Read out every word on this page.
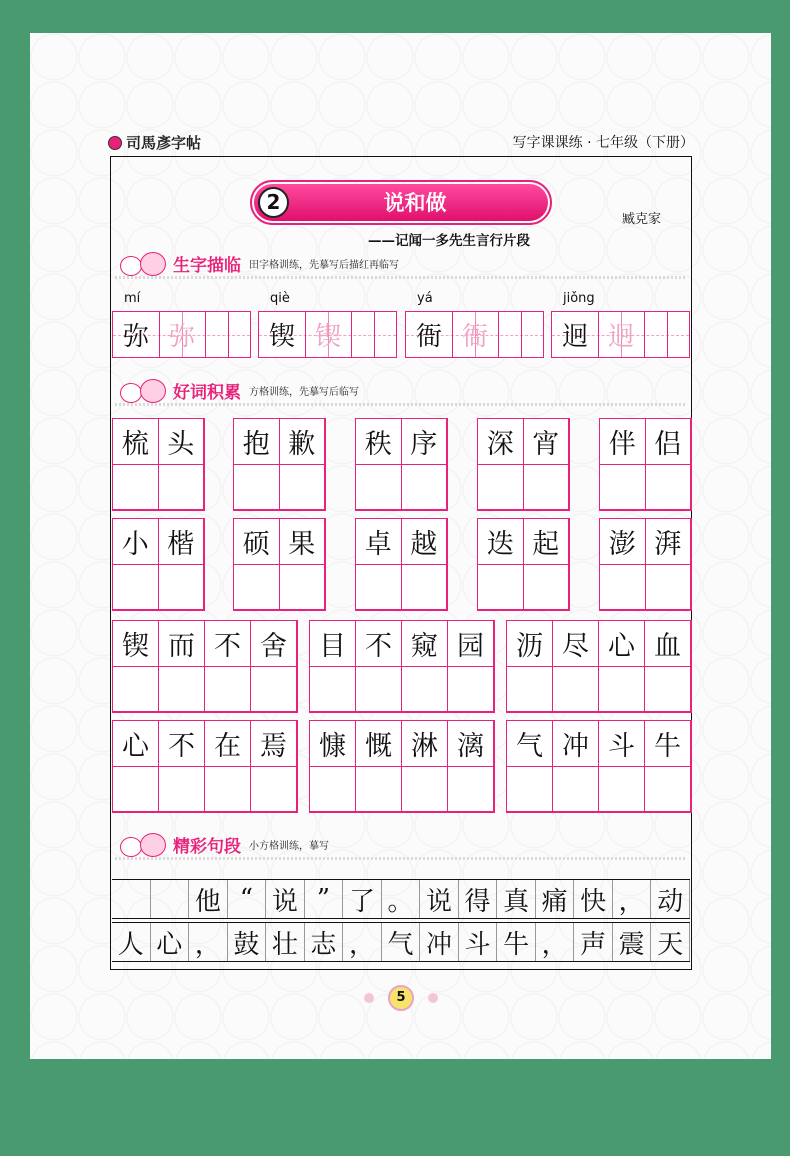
司馬彥字帖	写字课课练 · 七年级（下册）
2	说和做
臧克家
——记闻一多先生言行片段
生字描临 田字格训练，先摹写后描红再临写
mí
弥 弥
qiè
锲 锲
yá
衙 衙
jiǒng
迥 迥
好词积累 方格训练，先摹写后临写
梳 头	抱 歉	秩 序	深 宵	伴 侣
小 楷	硕 果	卓 越	迭 起	澎 湃
锲 而 不 舍	目 不 窥 园	沥 尽 心 血
心 不 在 焉	慷 慨 淋 漓	气 冲 斗 牛
精彩句段 小方格训练，摹写
他 “ 说 ” 了 。 说 得 真 痛 快 ， 动
人 心 ， 鼓 壮 志 ， 气 冲 斗 牛 ， 声 震 天
5
